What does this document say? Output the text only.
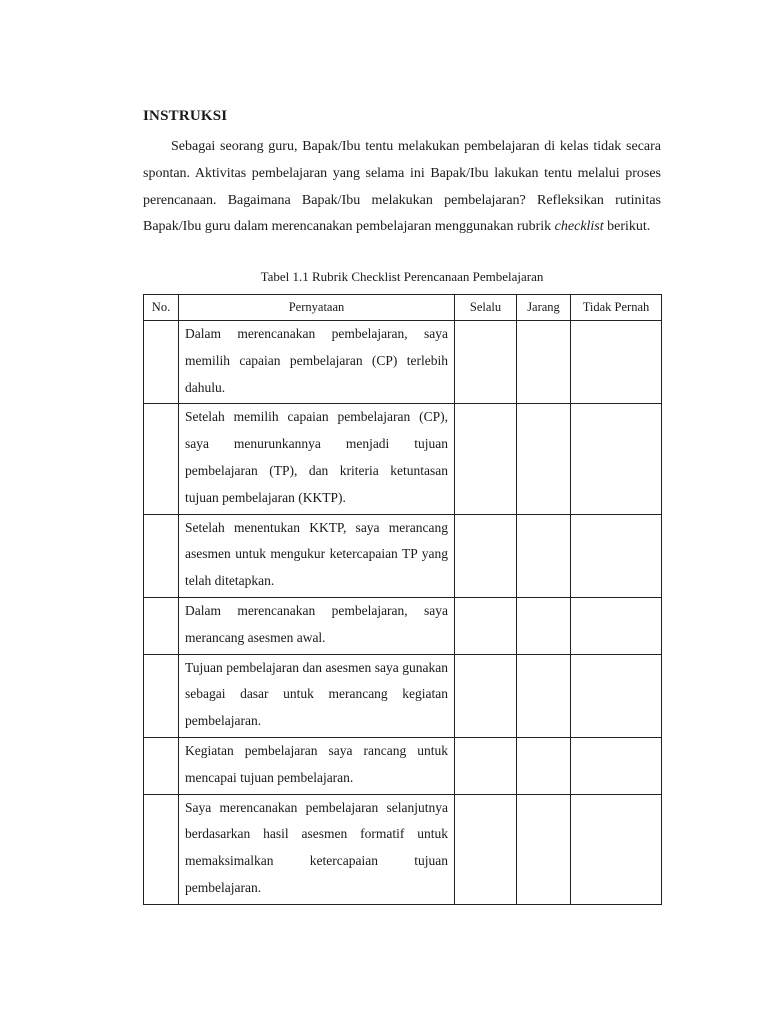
INSTRUKSI

Sebagai seorang guru, Bapak/Ibu tentu melakukan pembelajaran di kelas tidak secara spontan. Aktivitas pembelajaran yang selama ini Bapak/Ibu lakukan tentu melalui proses perencanaan. Bagaimana Bapak/Ibu melakukan pembelajaran? Refleksikan rutinitas Bapak/Ibu guru dalam merencanakan pembelajaran menggunakan rubrik checklist berikut.

Tabel 1.1 Rubrik Checklist Perencanaan Pembelajaran
No.	Pernyataan	Selalu	Jarang	Tidak Pernah
	Dalam merencanakan pembelajaran, saya memilih capaian pembelajaran (CP) terlebih dahulu.			
	Setelah memilih capaian pembelajaran (CP), saya menurunkannya menjadi tujuan pembelajaran (TP), dan kriteria ketuntasan tujuan pembelajaran (KKTP).			
	Setelah menentukan KKTP, saya merancang asesmen untuk mengukur ketercapaian TP yang telah ditetapkan.			
	Dalam merencanakan pembelajaran, saya merancang asesmen awal.			
	Tujuan pembelajaran dan asesmen saya gunakan sebagai dasar untuk merancang kegiatan pembelajaran.			
	Kegiatan pembelajaran saya rancang untuk mencapai tujuan pembelajaran.			
	Saya merencanakan pembelajaran selanjutnya berdasarkan hasil asesmen formatif untuk memaksimalkan ketercapaian tujuan pembelajaran.			
